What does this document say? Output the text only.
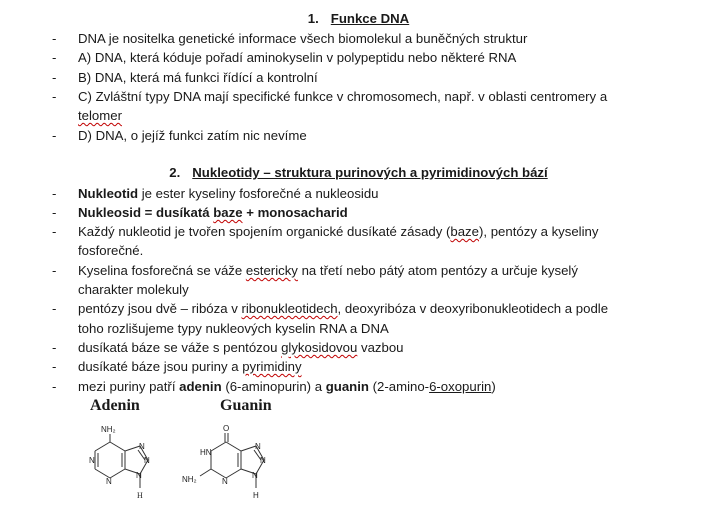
1. Funkce DNA
- DNA je nositelka genetické informace všech biomolekul a buněčných struktur
- A) DNA, která kóduje pořadí aminokyselin v polypeptidu nebo některé RNA
- B) DNA, která má funkci řídící a kontrolní
- C) Zvláštní typy DNA mají specifické funkce v chromosomech, např. v oblasti centromery a
telomer
- D) DNA, o jejíž funkci zatím nic nevíme
2. Nukleotidy – struktura purinových a pyrimidinových bází
- Nukleotid je ester kyseliny fosforečné a nukleosidu
- Nukleosid = dusíkatá baze + monosacharid
- Každý nukleotid je tvořen spojením organické dusíkaté zásady (baze), pentózy a kyseliny
fosforečné.
- Kyselina fosforečná se váže estericky na třetí nebo pátý atom pentózy a určuje kyselý
charakter molekuly
- pentózy jsou dvě – ribóza v ribonukleotidech, deoxyribóza v deoxyribonukleotidech a podle
toho rozlišujeme typy nukleových kyselin RNA a DNA
- dusíkatá báze se váže s pentózou glykosidovou vazbou
- dusíkaté báze jsou puriny a pyrimidiny
- mezi puriny patří adenin (6-aminopurin) a guanin (2-amino-6-oxopurin)
Adenin	Guanin
NH₂
N
N
N
N
N
H
O
HN
NH₂	N
N
N
N
H
